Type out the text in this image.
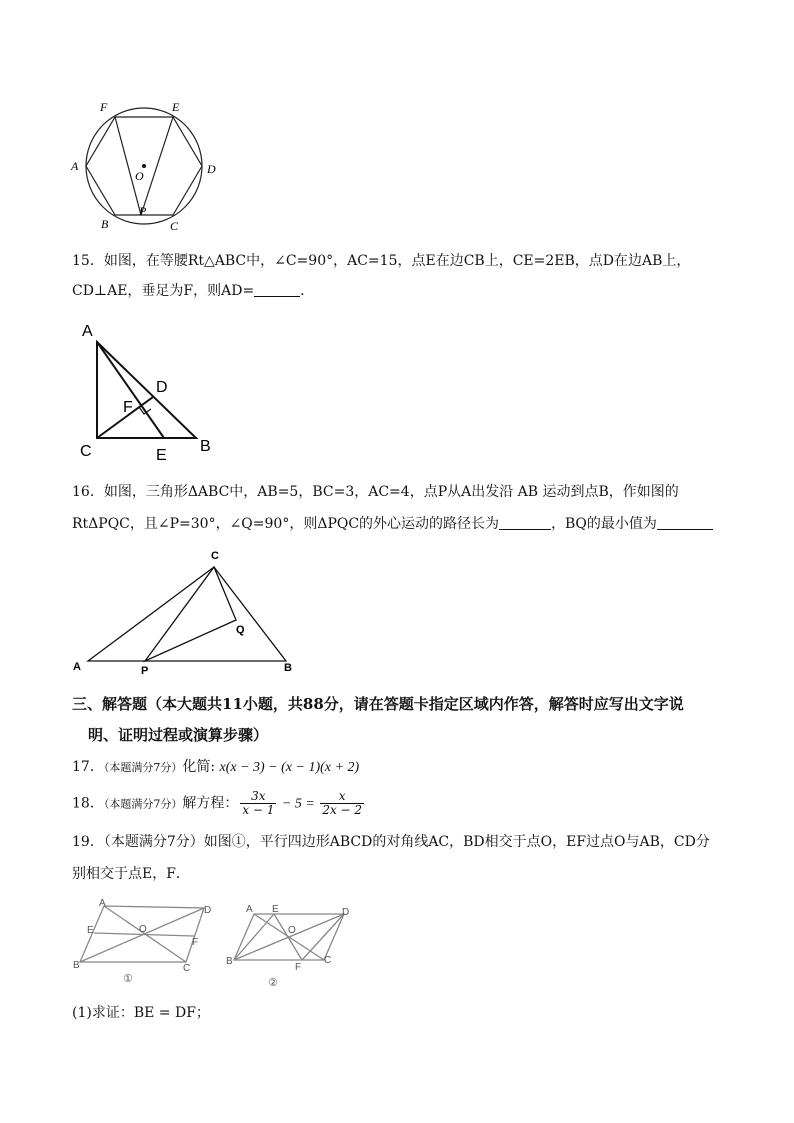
F	E
A
O	D
B
P
C
15．如图，在等腰Rt△ABC中，∠C=90°，AC=15，点E在边CB上，CE=2EB，点D在边AB上，
CD⊥AE，垂足为F，则AD=	．
A
D
F
C	E
B
16．如图，三角形ΔABC中，AB=5，BC=3，AC=4，点P从A出发沿 AB 运动到点B，作如图的
RtΔPQC，且∠P=30°，∠Q=90°，则ΔPQC的外心运动的路径长为	，BQ的最小值为
C
Q
A	P	B
三、解答题（本大题共11小题，共88分，请在答题卡指定区域内作答，解答时应写出文字说
明、证明过程或演算步骤）
17．（本题满分7分）化简: x(x − 3) − (x − 1)(x + 2)
18．（本题满分7分）解方程： $\frac{3x}{x - 1} - 5 = \frac{x}{2x - 2}$
19．（本题满分7分）如图①，平行四边形ABCD的对角线AC，BD相交于点O，EF过点O与AB，CD分
别相交于点E，F．
A
D
E	O
F
B	C
①
A E	D
O
B
F
C
②
(1)求证：BE = DF；
